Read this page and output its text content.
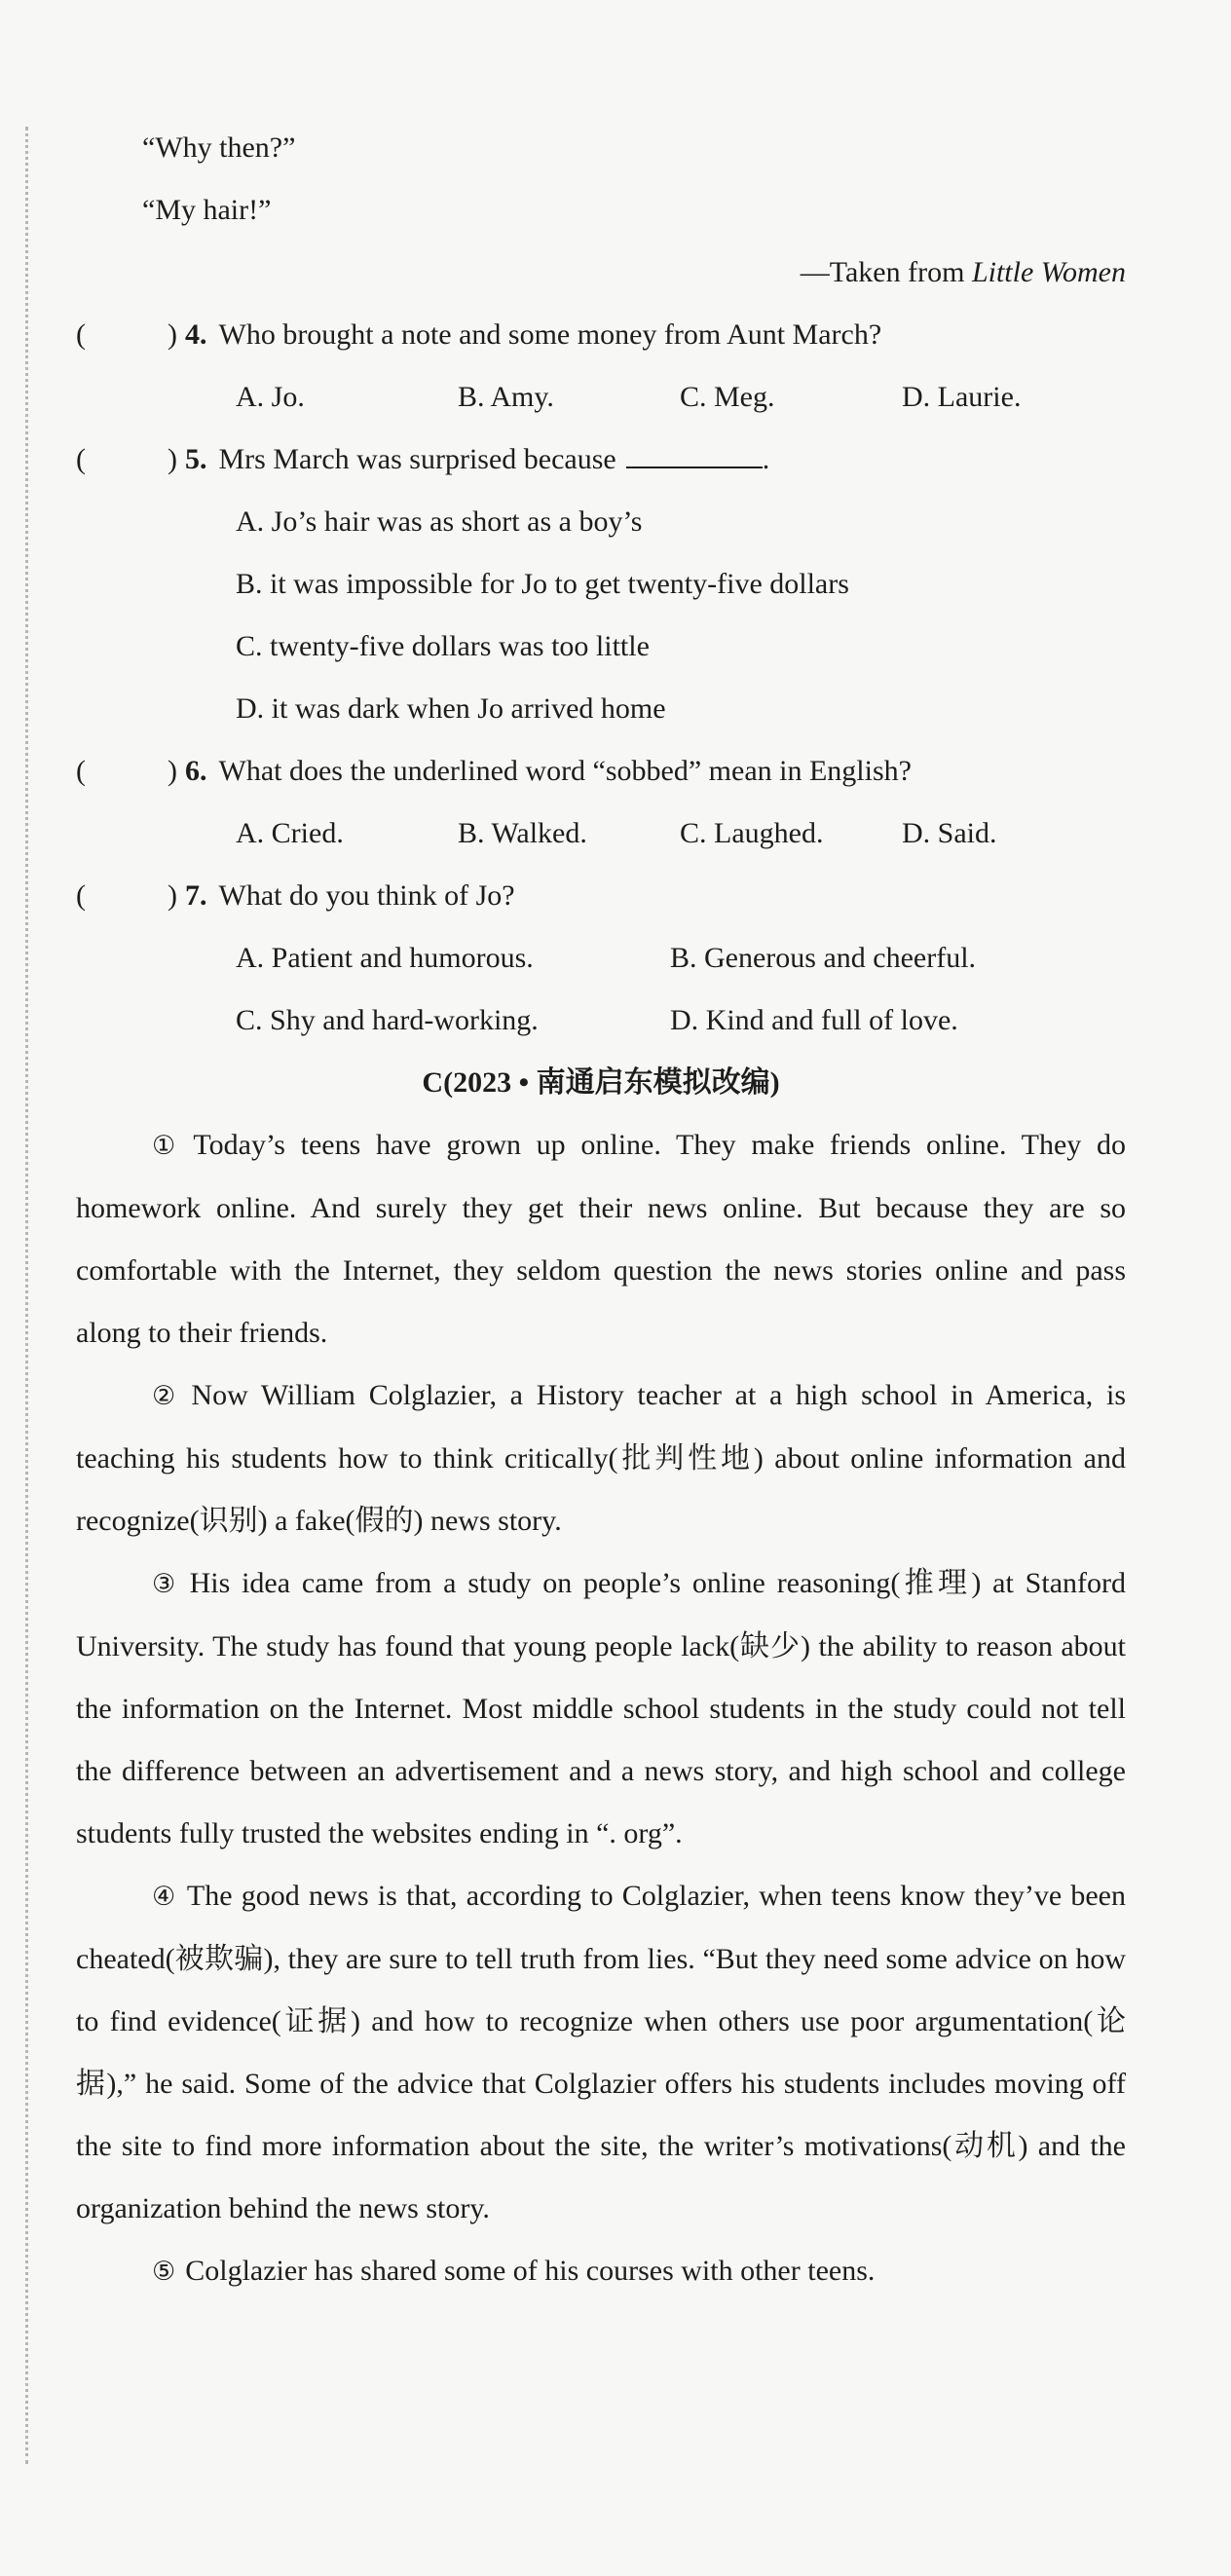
“Why then?”
“My hair!”
—Taken from Little Women
(	) 4. Who brought a note and some money from Aunt March?
A. Jo.	B. Amy.	C. Meg.	D. Laurie.
(	) 5. Mrs March was surprised because	.
A. Jo’s hair was as short as a boy’s
B. it was impossible for Jo to get twenty-five dollars
C. twenty-five dollars was too little
D. it was dark when Jo arrived home
(	) 6. What does the underlined word “sobbed” mean in English?
A. Cried.	B. Walked.	C. Laughed.	D. Said.
(	) 7. What do you think of Jo?
A. Patient and humorous.	B. Generous and cheerful.
C. Shy and hard-working.	D. Kind and full of love.
C(2023 • 南通启东模拟改编)
① Today’s teens have grown up online. They make friends online. They do homework online. And surely they get their news online. But because they are so comfortable with the Internet, they seldom question the news stories online and pass along to their friends.
② Now William Colglazier, a History teacher at a high school in America, is teaching his students how to think critically(批判性地) about online information and recognize(识别) a fake(假的) news story.
③ His idea came from a study on people’s online reasoning(推理) at Stanford University. The study has found that young people lack(缺少) the ability to reason about the information on the Internet. Most middle school students in the study could not tell the difference between an advertisement and a news story, and high school and college students fully trusted the websites ending in “. org”.
④ The good news is that, according to Colglazier, when teens know they’ve been cheated(被欺骗), they are sure to tell truth from lies. “But they need some advice on how to find evidence(证据) and how to recognize when others use poor argumentation(论据),” he said. Some of the advice that Colglazier offers his students includes moving off the site to find more information about the site, the writer’s motivations(动机) and the organization behind the news story.
⑤ Colglazier has shared some of his courses with other teens.
